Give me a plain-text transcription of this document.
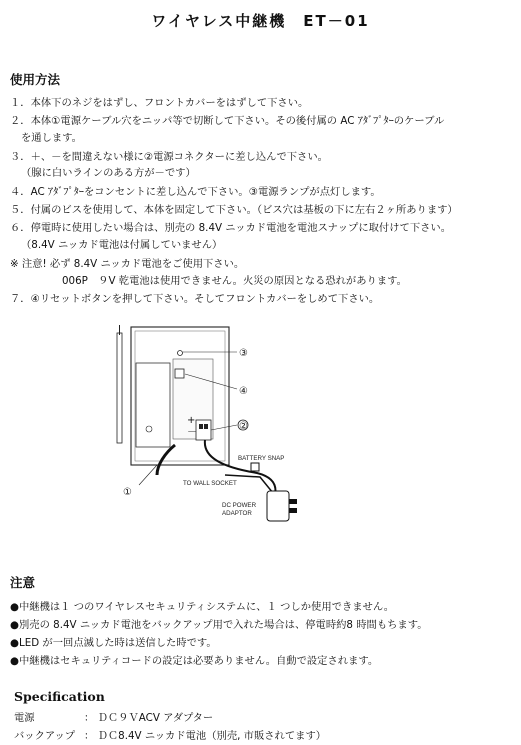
ワイヤレス中継機　ET－01
使用方法
１．本体下のネジをはずし、フロントカバーをはずして下さい。
２．本体①電源ケーブル穴をニッパ等で切断して下さい。その後付属の AC ｱﾀﾞﾌﾟﾀｰのケーブル
を通します。
３．＋、－を間違えない様に②電源コネクターに差し込んで下さい。
（腺に白いラインのある方が－です）
４．AC ｱﾀﾞﾌﾟﾀｰをコンセントに差し込んで下さい。③電源ランプが点灯します。
５．付属のビスを使用して、本体を固定して下さい。（ビス穴は基板の下に左右２ヶ所あります）
６．停電時に使用したい場合は、別売の 8.4V ニッカド電池を電池スナップに取付けて下さい。
（8.4V ニッカド電池は付属していません）
※ 注意! 必ず 8.4V ニッカド電池をご使用下さい。
006P　９V 乾電池は使用できません。火災の原因となる恐れがあります。
７．④リセットボタンを押して下さい。そしてフロントカバーをしめて下さい。
+
－
③
④
②
①
BATTERY SNAP
TO WALL SOCKET
DC POWER
ADAPTOR
注意
●中継機は１ つのワイヤレスセキュリティシステムに、１ つしか使用できません。
●別売の 8.4V ニッカド電池をバックアップ用で入れた場合は、停電時約8 時間もちます。
●LED が一回点滅した時は送信した時です。
●中継機はセキュリティコードの設定は必要ありません。自動で設定されます。
Specification
電源	： ＤＣ９ＶACV アダプター
バックアップ ： ＤＣ8.4V ニッカド電池（別売, 市販されてます）
